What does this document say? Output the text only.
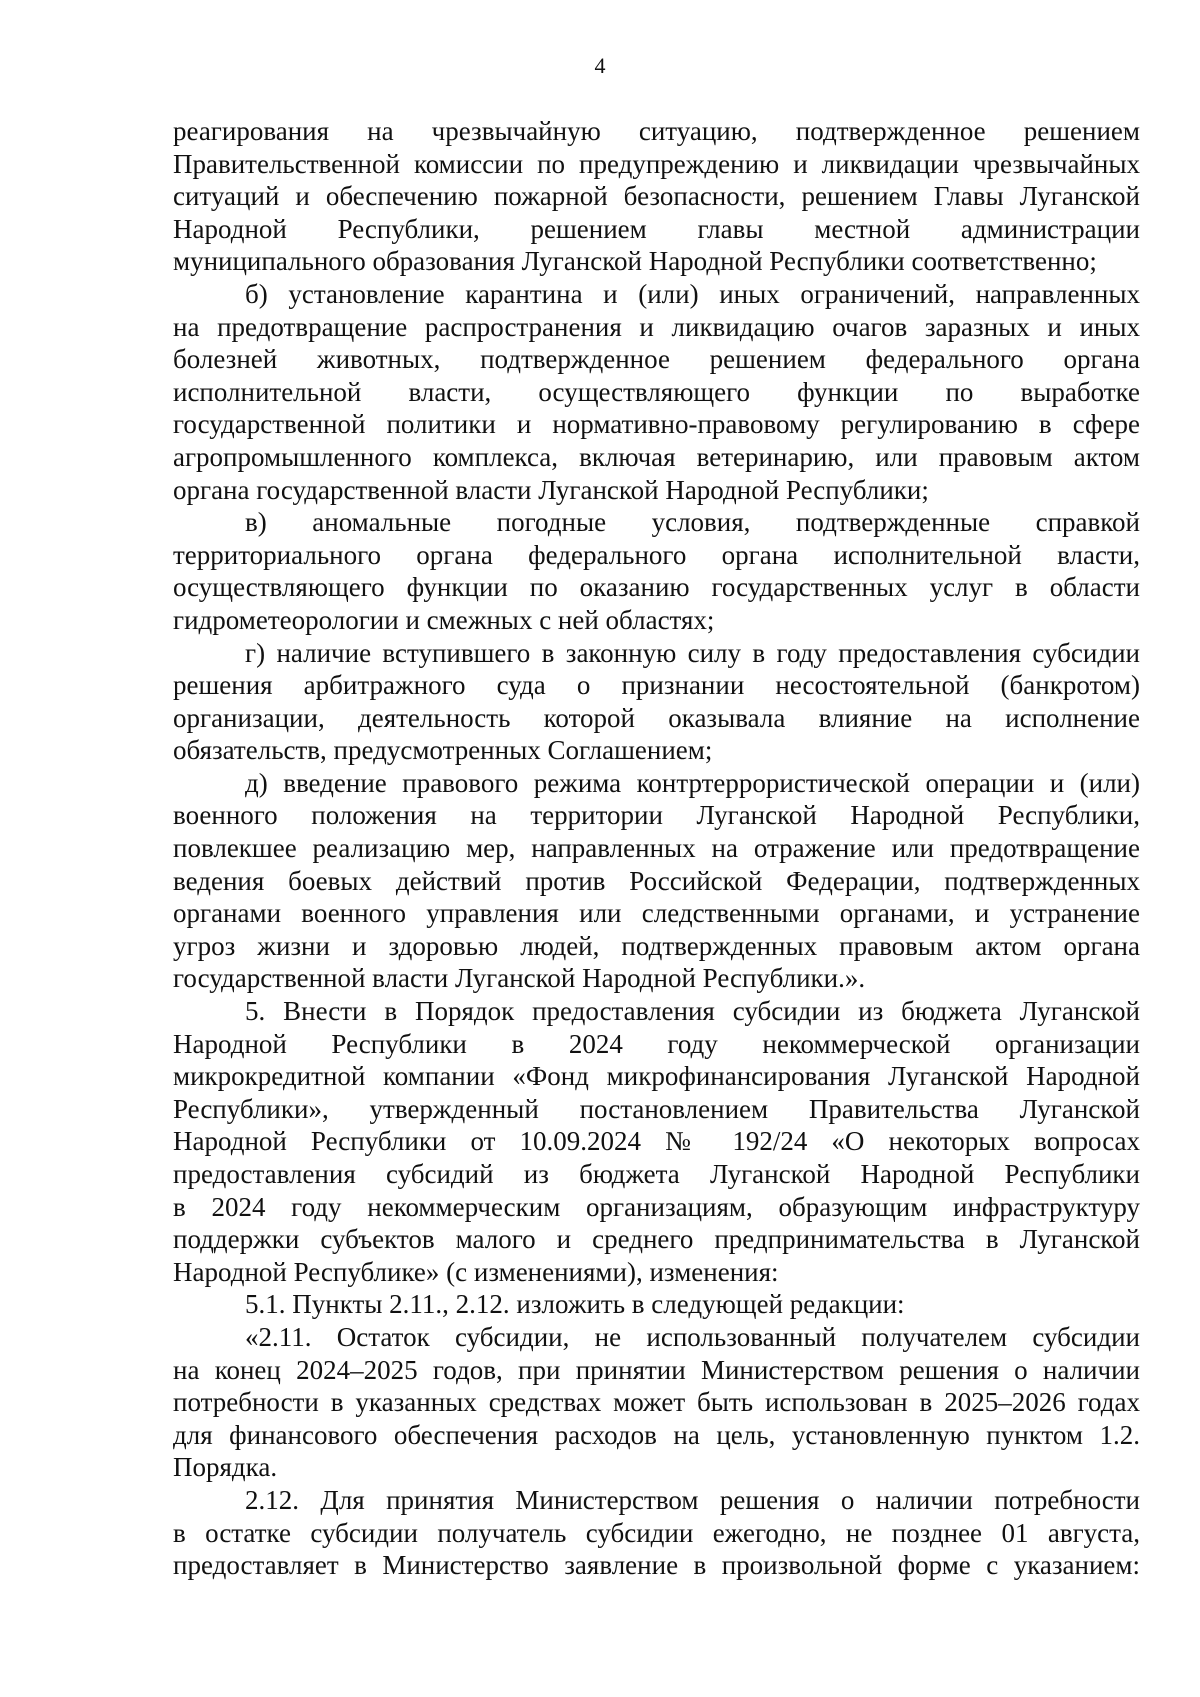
4
реагирования на чрезвычайную ситуацию, подтвержденное решением
Правительственной комиссии по предупреждению и ликвидации чрезвычайных
ситуаций и обеспечению пожарной безопасности, решением Главы Луганской
Народной Республики, решением главы местной администрации
муниципального образования Луганской Народной Республики соответственно;
б) установление карантина и (или) иных ограничений, направленных
на предотвращение распространения и ликвидацию очагов заразных и иных
болезней животных, подтвержденное решением федерального органа
исполнительной власти, осуществляющего функции по выработке
государственной политики и нормативно-правовому регулированию в сфере
агропромышленного комплекса, включая ветеринарию, или правовым актом
органа государственной власти Луганской Народной Республики;
в) аномальные погодные условия, подтвержденные справкой
территориального органа федерального органа исполнительной власти,
осуществляющего функции по оказанию государственных услуг в области
гидрометеорологии и смежных с ней областях;
г) наличие вступившего в законную силу в году предоставления субсидии
решения арбитражного суда о признании несостоятельной (банкротом)
организации, деятельность которой оказывала влияние на исполнение
обязательств, предусмотренных Соглашением;
д) введение правового режима контртеррористической операции и (или)
военного положения на территории Луганской Народной Республики,
повлекшее реализацию мер, направленных на отражение или предотвращение
ведения боевых действий против Российской Федерации, подтвержденных
органами военного управления или следственными органами, и устранение
угроз жизни и здоровью людей, подтвержденных правовым актом органа
государственной власти Луганской Народной Республики.».
5. Внести в Порядок предоставления субсидии из бюджета Луганской
Народной Республики в 2024 году некоммерческой организации
микрокредитной компании «Фонд микрофинансирования Луганской Народной
Республики», утвержденный постановлением Правительства Луганской
Народной Республики от 10.09.2024 № 192/24 «О некоторых вопросах
предоставления субсидий из бюджета Луганской Народной Республики
в 2024 году некоммерческим организациям, образующим инфраструктуру
поддержки субъектов малого и среднего предпринимательства в Луганской
Народной Республике» (с изменениями), изменения:
5.1. Пункты 2.11., 2.12. изложить в следующей редакции:
«2.11. Остаток субсидии, не использованный получателем субсидии
на конец 2024–2025 годов, при принятии Министерством решения о наличии
потребности в указанных средствах может быть использован в 2025–2026 годах
для финансового обеспечения расходов на цель, установленную пунктом 1.2.
Порядка.
2.12. Для принятия Министерством решения о наличии потребности
в остатке субсидии получатель субсидии ежегодно, не позднее 01 августа,
предоставляет в Министерство заявление в произвольной форме с указанием:
